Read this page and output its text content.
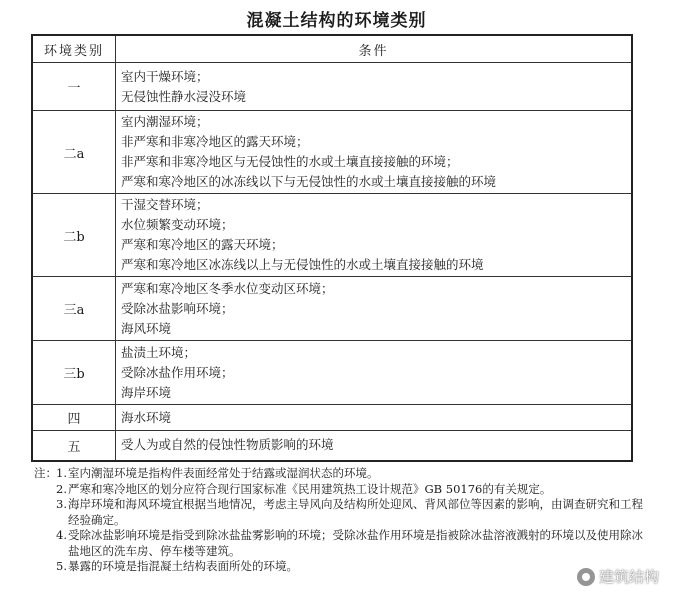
混凝土结构的环境类别
环境类别	条件
一	室内干燥环境；
无侵蚀性静水浸没环境

二a	室内潮湿环境；
非严寒和非寒冷地区的露天环境；
非严寒和非寒冷地区与无侵蚀性的水或土壤直接接触的环境；
严寒和寒冷地区的冰冻线以下与无侵蚀性的水或土壤直接接触的环境

二b	干湿交替环境；
水位频繁变动环境；
严寒和寒冷地区的露天环境；
严寒和寒冷地区冰冻线以上与无侵蚀性的水或土壤直接接触的环境

三a	严寒和寒冷地区冬季水位变动区环境；
受除冰盐影响环境；
海风环境

三b	盐渍土环境；
受除冰盐作用环境；
海岸环境

四	海水环境

五	受人为或自然的侵蚀性物质影响的环境
注： 1. 室内潮湿环境是指构件表面经常处于结露或湿润状态的环境。
2. 严寒和寒冷地区的划分应符合现行国家标准《民用建筑热工设计规范》GB 50176的有关规定。
3. 海岸环境和海风环境宜根据当地情况，考虑主导风向及结构所处迎风、背风部位等因素的影响，由调查研究和工程经验确定。
4. 受除冰盐影响环境是指受到除冰盐盐雾影响的环境；受除冰盐作用环境是指被除冰盐溶液溅射的环境以及使用除冰盐地区的洗车房、停车楼等建筑。
5. 暴露的环境是指混凝土结构表面所处的环境。
建筑结构
